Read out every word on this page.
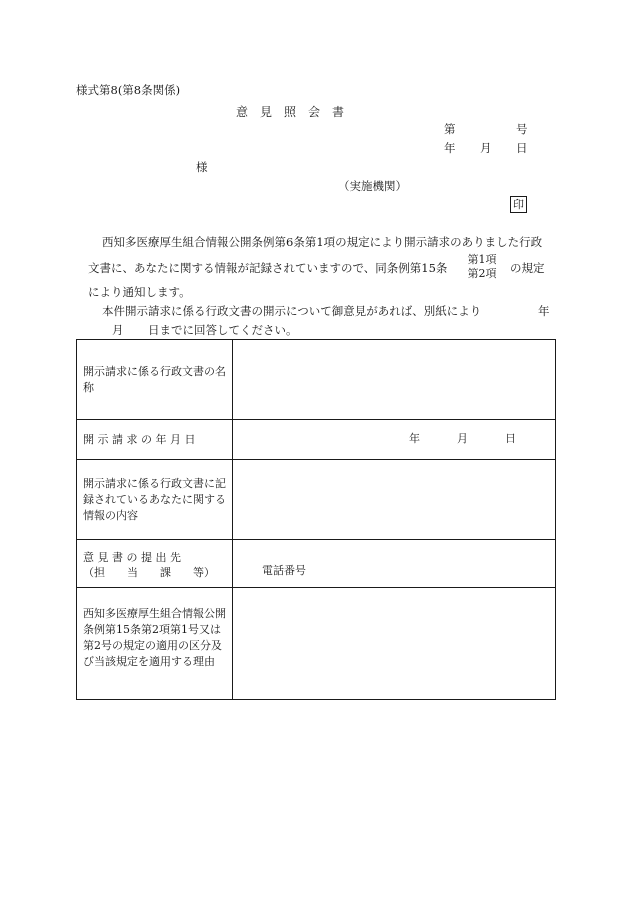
様式第8(第8条関係)
意　見　照　会　書
第	号
年 月 日
様
（実施機関）
印
西知多医療厚生組合情報公開条例第6条第1項の規定により開示請求のありました行政
文書に、あなたに関する情報が記録されていますので、同条例第15条
第1項
第2項	の規定
により通知します。
本件開示請求に係る行政文書の開示について御意見があれば、別紙により	年
月 日までに回答してください。
開示請求に係る行政文書の名称	
開 示 請 求 の 年 月 日	年 月 日

開示請求に係る行政文書に記録されているあなたに関する情報の内容	

意 見 書 の 提 出 先
（担　　当　　課　　等）	電話番号

西知多医療厚生組合情報公開条例第15条第2項第1号又は第2号の規定の適用の区分及び当該規定を適用する理由	
